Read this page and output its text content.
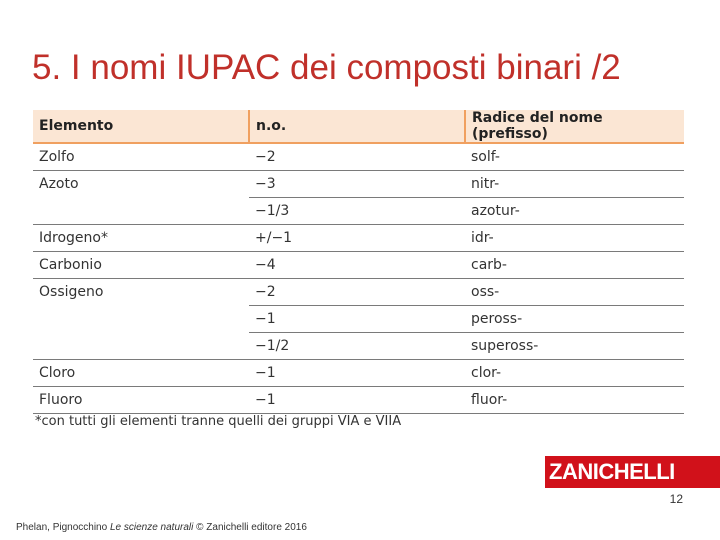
5. I nomi IUPAC dei composti binari /2
Elemento	n.o.	Radice del nome (prefisso)
Zolfo	−2	solf-
Azoto	−3	nitr-
	−1/3	azotur-
Idrogeno*	+/−1	idr-
Carbonio	−4	carb-
Ossigeno	−2	oss-
	−1	peross-
	−1/2	supeross-
Cloro	−1	clor-
Fluoro	−1	fluor-
*con tutti gli elementi tranne quelli dei gruppi VIA e VIIA
ZANICHELLI
12
Phelan, Pignocchino Le scienze naturali © Zanichelli editore 2016
